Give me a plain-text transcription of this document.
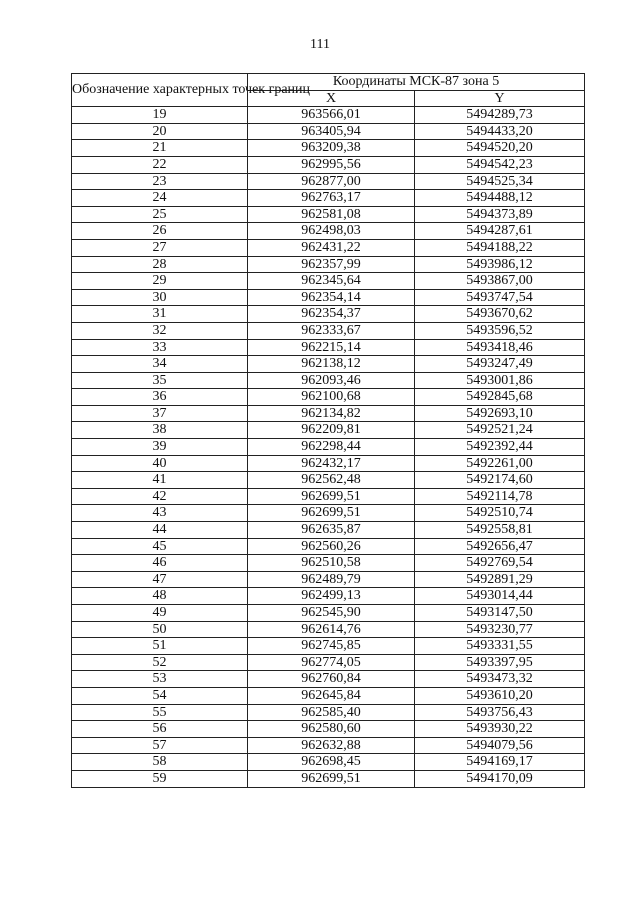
111
Обозначение характерных точек границ	Координаты МСК-87 зона 5	
	X	Y
19	963566,01	5494289,73
20	963405,94	5494433,20
21	963209,38	5494520,20
22	962995,56	5494542,23
23	962877,00	5494525,34
24	962763,17	5494488,12
25	962581,08	5494373,89
26	962498,03	5494287,61
27	962431,22	5494188,22
28	962357,99	5493986,12
29	962345,64	5493867,00
30	962354,14	5493747,54
31	962354,37	5493670,62
32	962333,67	5493596,52
33	962215,14	5493418,46
34	962138,12	5493247,49
35	962093,46	5493001,86
36	962100,68	5492845,68
37	962134,82	5492693,10
38	962209,81	5492521,24
39	962298,44	5492392,44
40	962432,17	5492261,00
41	962562,48	5492174,60
42	962699,51	5492114,78
43	962699,51	5492510,74
44	962635,87	5492558,81
45	962560,26	5492656,47
46	962510,58	5492769,54
47	962489,79	5492891,29
48	962499,13	5493014,44
49	962545,90	5493147,50
50	962614,76	5493230,77
51	962745,85	5493331,55
52	962774,05	5493397,95
53	962760,84	5493473,32
54	962645,84	5493610,20
55	962585,40	5493756,43
56	962580,60	5493930,22
57	962632,88	5494079,56
58	962698,45	5494169,17
59	962699,51	5494170,09
